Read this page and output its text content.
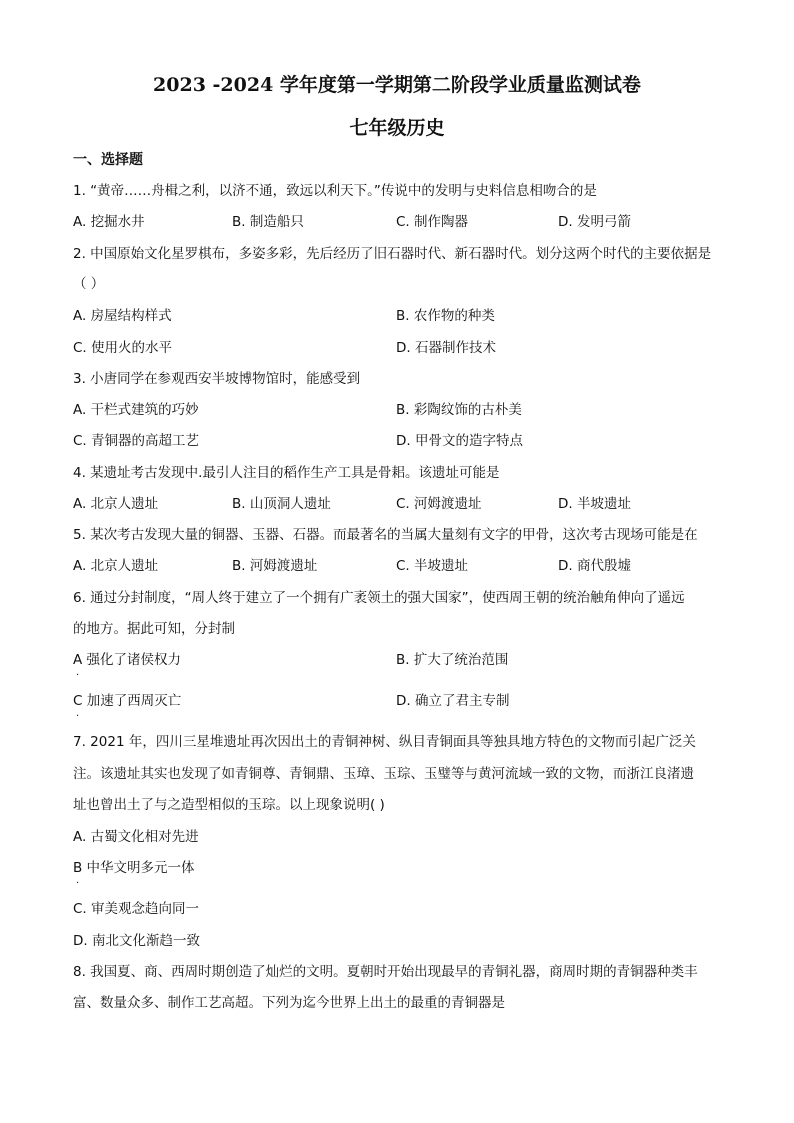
2023 -2024 学年度第一学期第二阶段学业质量监测试卷
七年级历史
一、选择题
1. “黄帝……舟楫之利，以济不通，致远以利天下。”传说中的发明与史料信息相吻合的是
A. 挖掘水井	B. 制造船只	C. 制作陶器	D. 发明弓箭
2. 中国原始文化星罗棋布，多姿多彩，先后经历了旧石器时代、新石器时代。划分这两个时代的主要依据是
（ ）
A. 房屋结构样式	B. 农作物的种类
C. 使用火的水平	D. 石器制作技术
3. 小唐同学在参观西安半坡博物馆时，能感受到
A. 干栏式建筑的巧妙	B. 彩陶纹饰的古朴美
C. 青铜器的高超工艺	D. 甲骨文的造字特点
4. 某遗址考古发现中.最引人注目的稻作生产工具是骨耜。该遗址可能是
A. 北京人遗址	B. 山顶洞人遗址	C. 河姆渡遗址	D. 半坡遗址
5. 某次考古发现大量的铜器、玉器、石器。而最著名的当属大量刻有文字的甲骨，这次考古现场可能是在
A. 北京人遗址	B. 河姆渡遗址	C. 半坡遗址	D. 商代殷墟
6. 通过分封制度，“周人终于建立了一个拥有广袤领土的强大国家”，使西周王朝的统治触角伸向了遥远
的地方。据此可知，分封制
A 强化了诸侯权力
.
B. 扩大了统治范围
C 加速了西周灭亡
.
D. 确立了君主专制
7. 2021 年，四川三星堆遗址再次因出土的青铜神树、纵目青铜面具等独具地方特色的文物而引起广泛关
注。该遗址其实也发现了如青铜尊、青铜鼎、玉璋、玉琮、玉璧等与黄河流域一致的文物，而浙江良渚遗
址也曾出土了与之造型相似的玉琮。以上现象说明( )
A. 古蜀文化相对先进
B 中华文明多元一体
.
C. 审美观念趋向同一
D. 南北文化渐趋一致
8. 我国夏、商、西周时期创造了灿烂的文明。夏朝时开始出现最早的青铜礼器，商周时期的青铜器种类丰
富、数量众多、制作工艺高超。下列为迄今世界上出土的最重的青铜器是
